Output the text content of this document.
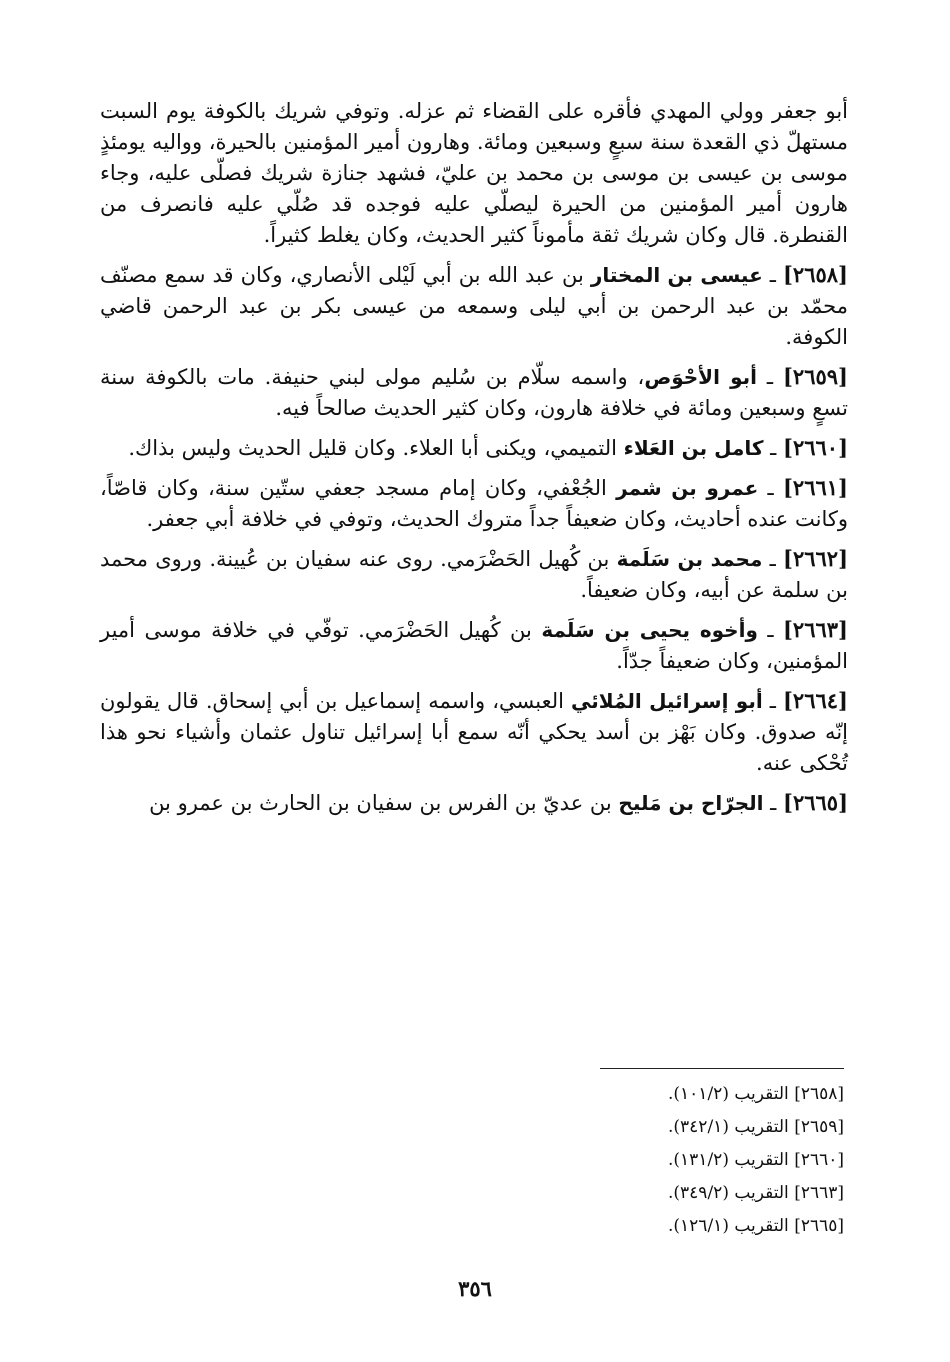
أبو جعفر وولي المهدي فأقره على القضاء ثم عزله. وتوفي شريك بالكوفة يوم السبت مستهلّ ذي القعدة سنة سبعٍ وسبعين ومائة. وهارون أمير المؤمنين بالحيرة، وواليه يومئذٍ موسى بن عيسى بن موسى بن محمد بن عليّ، فشهد جنازة شريك فصلّى عليه، وجاء هارون أمير المؤمنين من الحيرة ليصلّي عليه فوجده قد صُلّي عليه فانصرف من القنطرة. قال وكان شريك ثقة مأموناً كثير الحديث، وكان يغلط كثيراً.

[٢٦٥٨] ـ عيسى بن المختار بن عبد الله بن أبي لَيْلى الأنصاري، وكان قد سمع مصنّف محمّد بن عبد الرحمن بن أبي ليلى وسمعه من عيسى بكر بن عبد الرحمن قاضي الكوفة.

[٢٦٥٩] ـ أبو الأحْوَص، واسمه سلّام بن سُليم مولى لبني حنيفة. مات بالكوفة سنة تسعٍ وسبعين ومائة في خلافة هارون، وكان كثير الحديث صالحاً فيه.

[٢٦٦٠] ـ كامل بن العَلاء التميمي، ويكنى أبا العلاء. وكان قليل الحديث وليس بذاك.

[٢٦٦١] ـ عمرو بن شمر الجُعْفي، وكان إمام مسجد جعفي ستّين سنة، وكان قاصّاً، وكانت عنده أحاديث، وكان ضعيفاً جداً متروك الحديث، وتوفي في خلافة أبي جعفر.

[٢٦٦٢] ـ محمد بن سَلَمة بن كُهيل الحَضْرَمي. روى عنه سفيان بن عُيينة. وروى محمد بن سلمة عن أبيه، وكان ضعيفاً.

[٢٦٦٣] ـ وأخوه يحيى بن سَلَمة بن كُهيل الحَضْرَمي. توفّي في خلافة موسى أمير المؤمنين، وكان ضعيفاً جدّاً.

[٢٦٦٤] ـ أبو إسرائيل المُلائي العبسي، واسمه إسماعيل بن أبي إسحاق. قال يقولون إنّه صدوق. وكان بَهْز بن أسد يحكي أنّه سمع أبا إسرائيل تناول عثمان وأشياء نحو هذا تُحْكى عنه.

[٢٦٦٥] ـ الجرّاح بن مَليح بن عديّ بن الفرس بن سفيان بن الحارث بن عمرو بن

[٢٦٥٨] التقريب (١٠١/٢).

[٢٦٥٩] التقريب (٣٤٢/١).

[٢٦٦٠] التقريب (١٣١/٢).

[٢٦٦٣] التقريب (٣٤٩/٢).

[٢٦٦٥] التقريب (١٢٦/١).

٣٥٦
